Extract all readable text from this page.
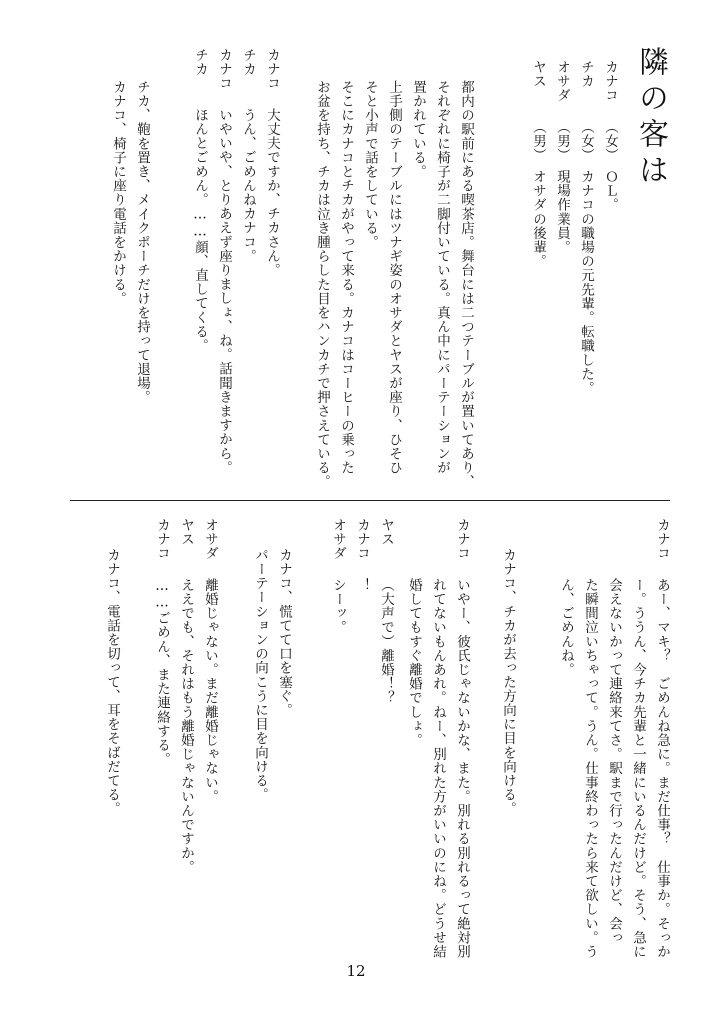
隣の客は
カナコ
（女）　ＯＬ。
チカ
（女）　カナコの職場の元先輩。転職した。
オサダ
（男）　現場作業員。
ヤス
（男）　オサダの後輩。
都内の駅前にある喫茶店。舞台には二つテーブルが置いてあり、
それぞれに椅子が二脚付いている。真ん中にパーテーションが
置かれている。
上手側のテーブルにはツナギ姿のオサダとヤスが座り、ひそひ
そと小声で話をしている。
そこにカナコとチカがやって来る。カナコはコーヒーの乗った
お盆を持ち、チカは泣き腫らした目をハンカチで押さえている。
カナコ
大丈夫ですか、チカさん。
チカ
うん、ごめんねカナコ。
カナコ
いやいや、とりあえず座りましょ、ね。話聞きますから。
チカ
ほんとごめん。……顔、直してくる。
チカ、鞄を置き、メイクポーチだけを持って退場。
カナコ、椅子に座り電話をかける。
カナコ
あー、マキ？　ごめんね急に。まだ仕事？　仕事か。そっか
ー。ううん、今チカ先輩と一緒にいるんだけど。そう、急に
会えないかって連絡来てさ。駅まで行ったんだけど、会っ
た瞬間泣いちゃって。うん。仕事終わったら来て欲しい。う
ん、ごめんね。
カナコ、チカが去った方向に目を向ける。
カナコ
いやー、彼氏じゃないかな、また。別れる別れるって絶対別
れてないもんあれ。ねー、別れた方がいいのにね。どうせ結
婚してもすぐ離婚でしょ。
ヤス
（大声で）離婚！？
カナコ
！
オサダ
シーッ。
カナコ、慌てて口を塞ぐ。
パーテーションの向こうに目を向ける。
オサダ
離婚じゃない。まだ離婚じゃない。
ヤス
ええでも、それはもう離婚じゃないんですか。
カナコ
……ごめん、また連絡する。
カナコ、電話を切って、耳をそばだてる。
12
